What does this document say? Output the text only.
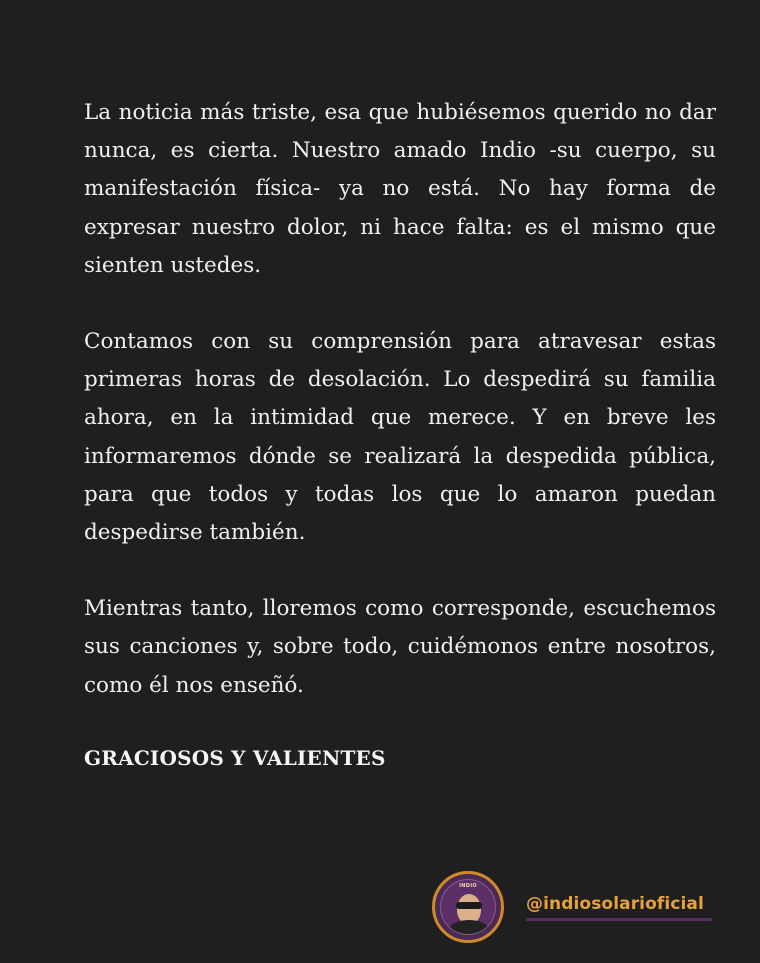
La noticia más triste, esa que hubiésemos querido no dar nunca, es cierta. Nuestro amado Indio -su cuerpo, su manifestación física- ya no está. No hay forma de expresar nuestro dolor, ni hace falta: es el mismo que sienten ustedes.

Contamos con su comprensión para atravesar estas primeras horas de desolación. Lo despedirá su familia ahora, en la intimidad que merece. Y en breve les informaremos dónde se realizará la despedida pública, para que todos y todas los que lo amaron puedan despedirse también.

Mientras tanto, lloremos como corresponde, escuchemos sus canciones y, sobre todo, cuidémonos entre nosotros, como él nos enseñó.

GRACIOSOS Y VALIENTES

INDIO
@indiosolarioficial
